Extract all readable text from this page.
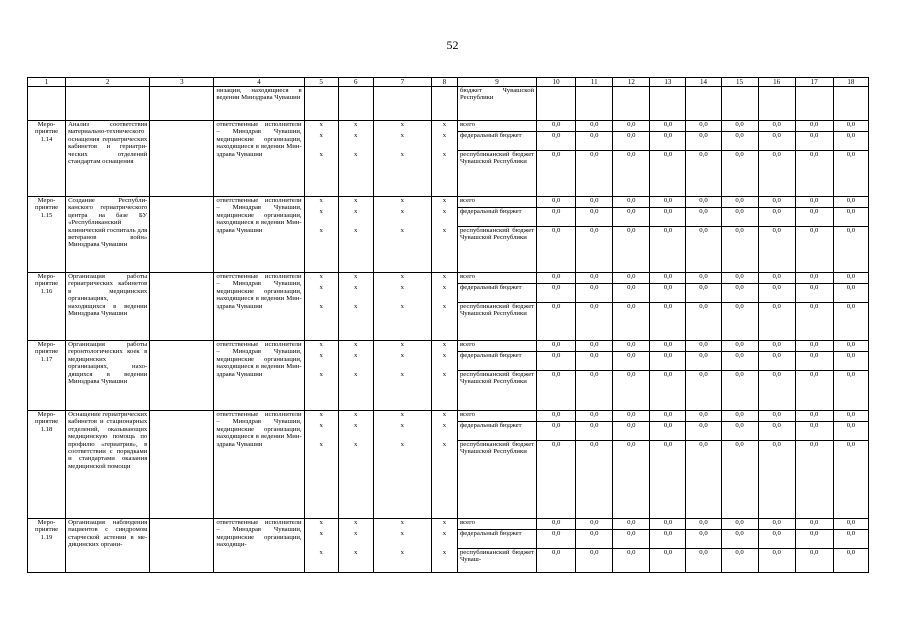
52
1	2	3	4	5	6	7	8	9	10	11	12	13	14	15	16	17	18
			низации, находящиеся в ведении Минздрава Чувашии					бюджет Чувашской Республики									
Мероприятие 1.14	Анализ соответствия материально-технического оснащения гериатрических кабинетов и гериатрических отделений стандартам оснащения		ответственные исполнители – Минздрав Чувашии, медицинские организации, находящиеся в ведении Минздрава Чувашии	х	х	х	х	всего	0,0	0,0	0,0	0,0	0,0	0,0	0,0	0,0	0,0
				х	х	х	х	федеральный бюджет	0,0	0,0	0,0	0,0	0,0	0,0	0,0	0,0	0,0
				х	х	х	х	республиканский бюджет Чувашской Республики	0,0	0,0	0,0	0,0	0,0	0,0	0,0	0,0	0,0
Мероприятие 1.15	Создание Республиканского гериатрического центра на базе БУ «Республиканский клинический госпиталь для ветеранов войн» Минздрава Чувашии		ответственные исполнители – Минздрав Чувашии, медицинские организации, находящиеся в ведении Минздрава Чувашии	х	х	х	х	всего	0,0	0,0	0,0	0,0	0,0	0,0	0,0	0,0	0,0
				х	х	х	х	федеральный бюджет	0,0	0,0	0,0	0,0	0,0	0,0	0,0	0,0	0,0
				х	х	х	х	республиканский бюджет Чувашской Республики	0,0	0,0	0,0	0,0	0,0	0,0	0,0	0,0	0,0
Мероприятие 1.16	Организация работы гериатрических кабинетов в медицинских организациях, находящихся в ведении Минздрава Чувашии		ответственные исполнители – Минздрав Чувашии, медицинские организации, находящиеся в ведении Минздрава Чувашии	х	х	х	х	всего	0,0	0,0	0,0	0,0	0,0	0,0	0,0	0,0	0,0
				х	х	х	х	федеральный бюджет	0,0	0,0	0,0	0,0	0,0	0,0	0,0	0,0	0,0
				х	х	х	х	республиканский бюджет Чувашской Республики	0,0	0,0	0,0	0,0	0,0	0,0	0,0	0,0	0,0
Мероприятие 1.17	Организация работы геронтологических коек в медицинских организациях, находящихся в ведении Минздрава Чувашии		ответственные исполнители – Минздрав Чувашии, медицинские организации, находящиеся в ведении Минздрава Чувашии	х	х	х	х	всего	0,0	0,0	0,0	0,0	0,0	0,0	0,0	0,0	0,0
				х	х	х	х	федеральный бюджет	0,0	0,0	0,0	0,0	0,0	0,0	0,0	0,0	0,0
				х	х	х	х	республиканский бюджет Чувашской Республики	0,0	0,0	0,0	0,0	0,0	0,0	0,0	0,0	0,0
Мероприятие 1.18	Оснащение гериатрических кабинетов и стационарных отделений, оказывающих медицинскую помощь по профилю «гериатрия», в соответствии с порядками и стандартами оказания медицинской помощи		ответственные исполнители – Минздрав Чувашии, медицинские организации, находящиеся в ведении Минздрава Чувашии	х	х	х	х	всего	0,0	0,0	0,0	0,0	0,0	0,0	0,0	0,0	0,0
				х	х	х	х	федеральный бюджет	0,0	0,0	0,0	0,0	0,0	0,0	0,0	0,0	0,0
				х	х	х	х	республиканский бюджет Чувашской Республики	0,0	0,0	0,0	0,0	0,0	0,0	0,0	0,0	0,0
Мероприятие 1.19	Организация наблюдения пациентов с синдромом старческой астении в медицинских органи-		ответственные исполнители – Минздрав Чувашии, медицинские организации, находящи-	х	х	х	х	всего	0,0	0,0	0,0	0,0	0,0	0,0	0,0	0,0	0,0
				х	х	х	х	федеральный бюджет	0,0	0,0	0,0	0,0	0,0	0,0	0,0	0,0	0,0
				х	х	х	х	республиканский бюджет Чуваш-	0,0	0,0	0,0	0,0	0,0	0,0	0,0	0,0	0,0
